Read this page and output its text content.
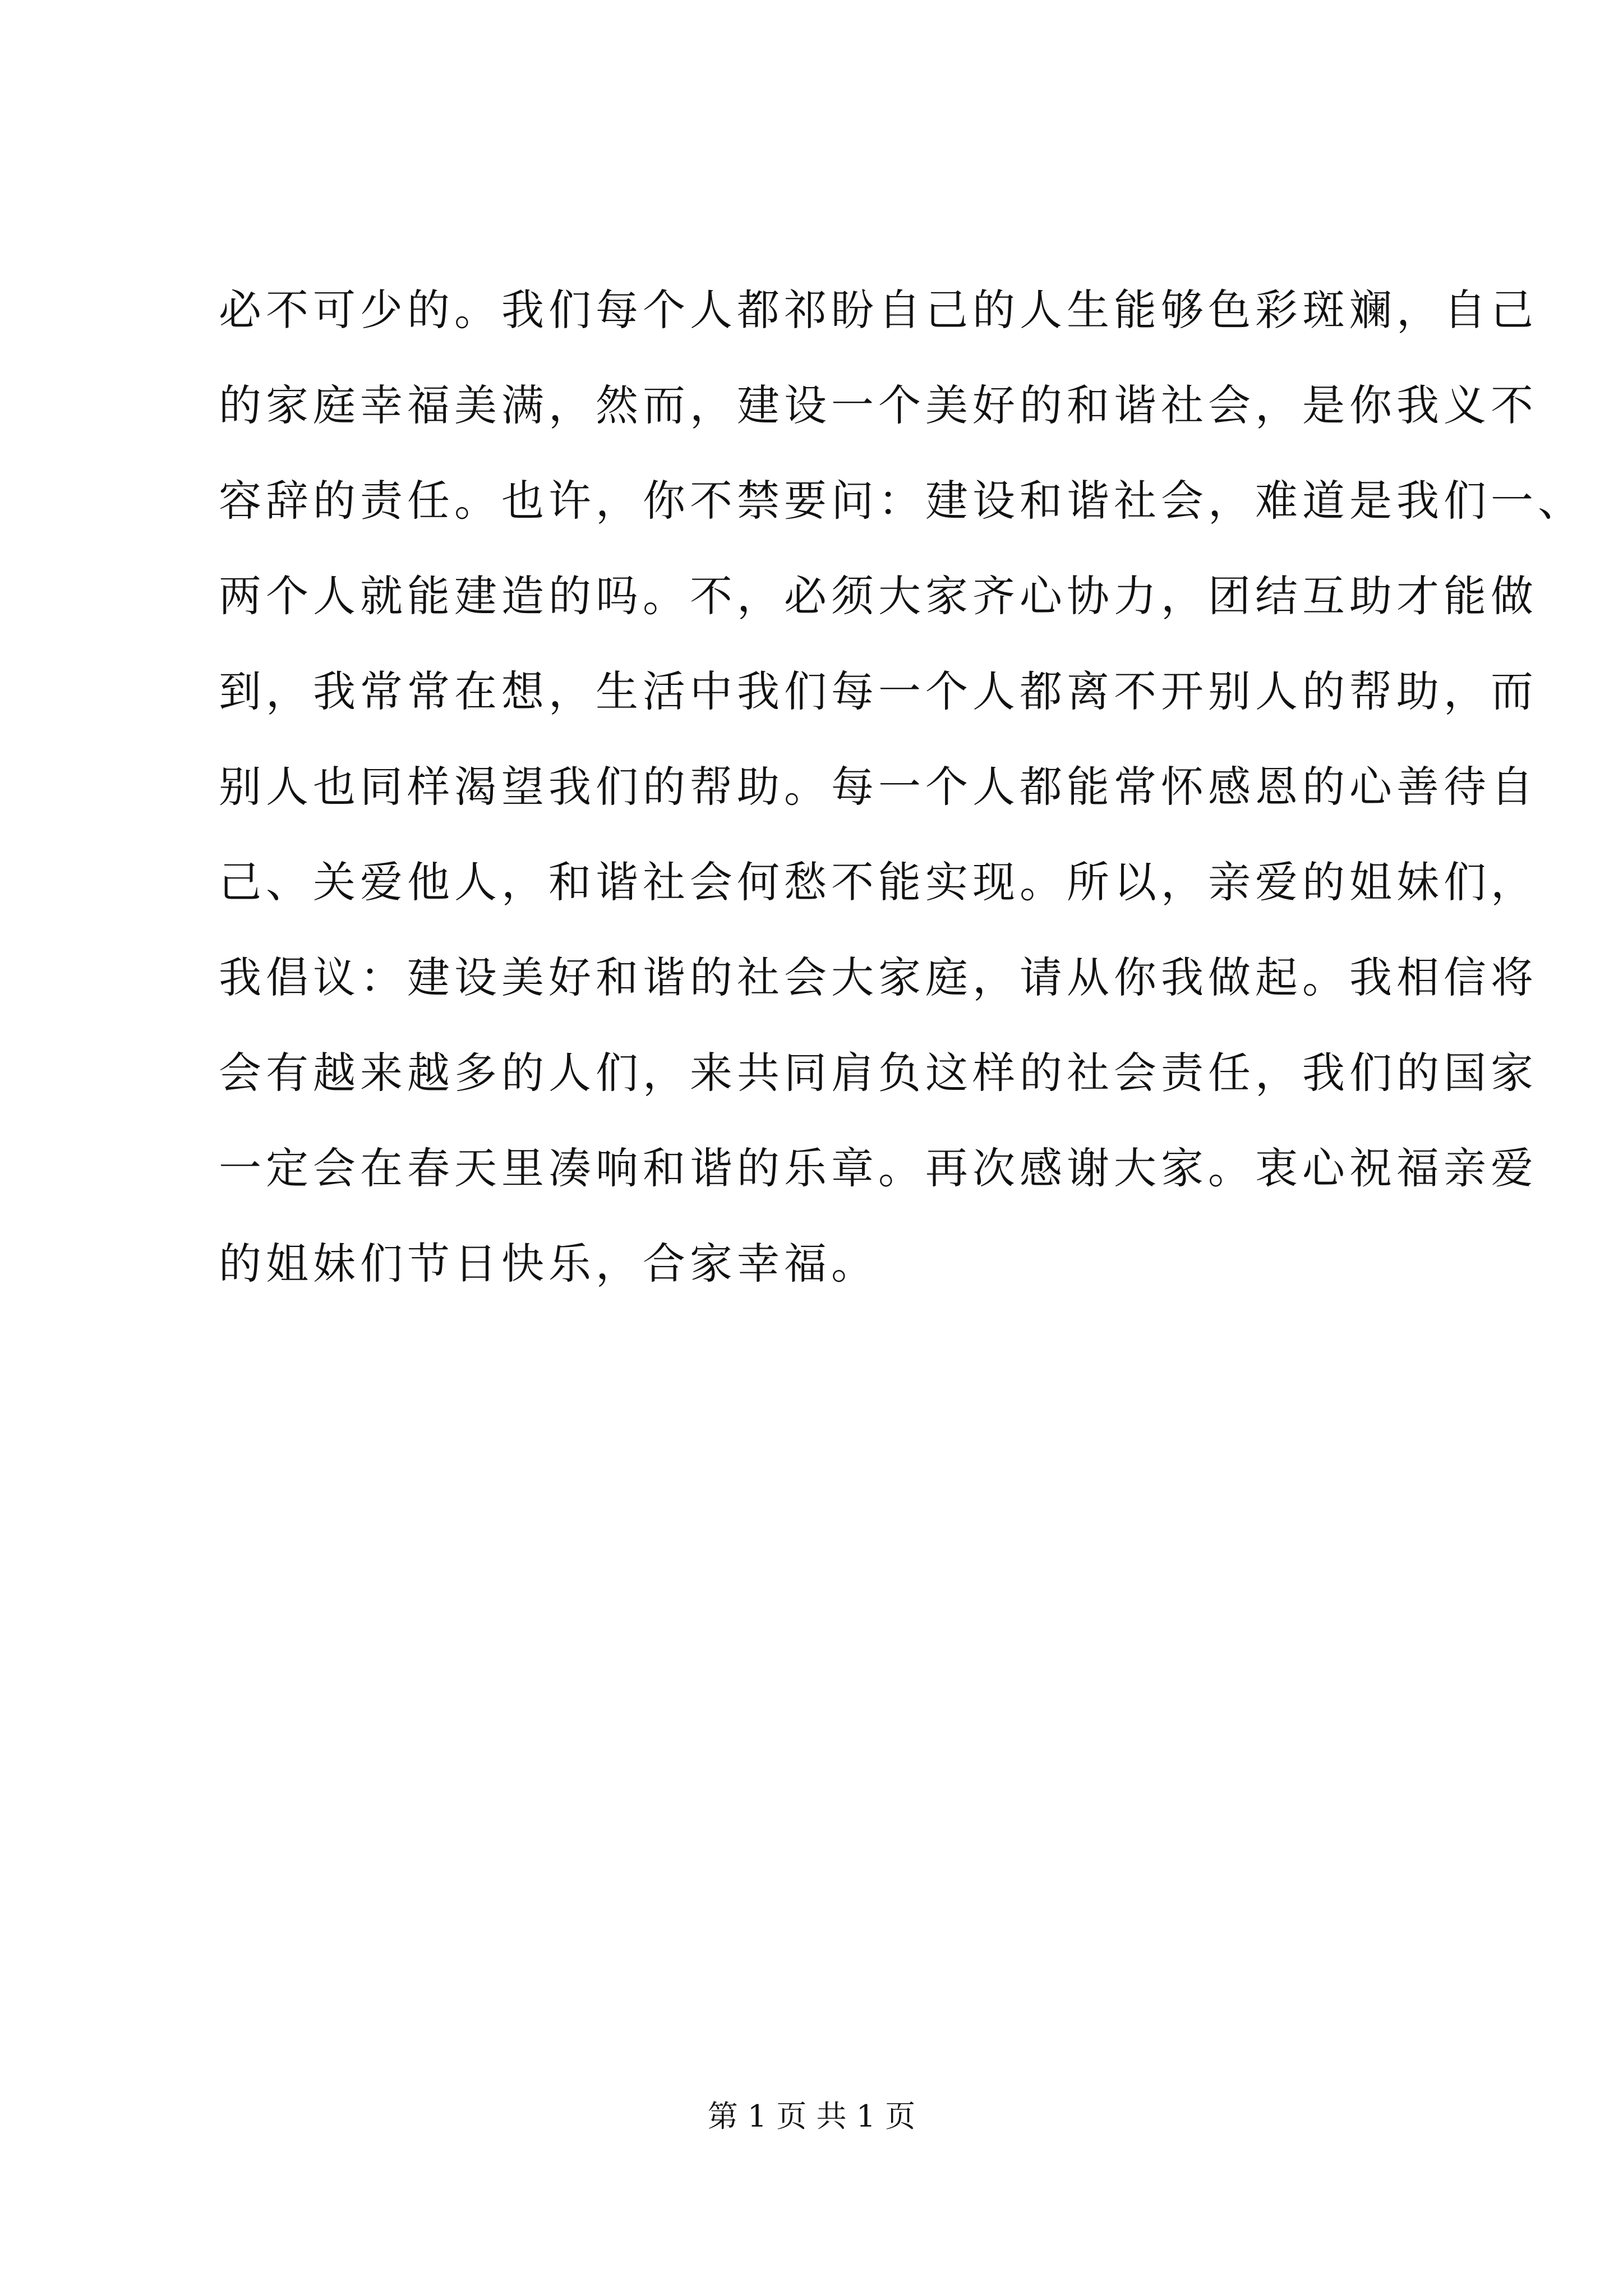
必不可少的。我们每个人都祁盼自己的人生能够色彩斑斓，自己
的家庭幸福美满，然而，建设一个美好的和谐社会，是你我义不
容辞的责任。也许，你不禁要问：建设和谐社会，难道是我们一、
两个人就能建造的吗。不，必须大家齐心协力，团结互助才能做
到，我常常在想，生活中我们每一个人都离不开别人的帮助，而
别人也同样渴望我们的帮助。每一个人都能常怀感恩的心善待自
己、关爱他人，和谐社会何愁不能实现。所以，亲爱的姐妹们，
我倡议：建设美好和谐的社会大家庭，请从你我做起。我相信将
会有越来越多的人们，来共同肩负这样的社会责任，我们的国家
一定会在春天里凑响和谐的乐章。再次感谢大家。衷心祝福亲爱
的姐妹们节日快乐，合家幸福。
第 1 页 共 1 页
